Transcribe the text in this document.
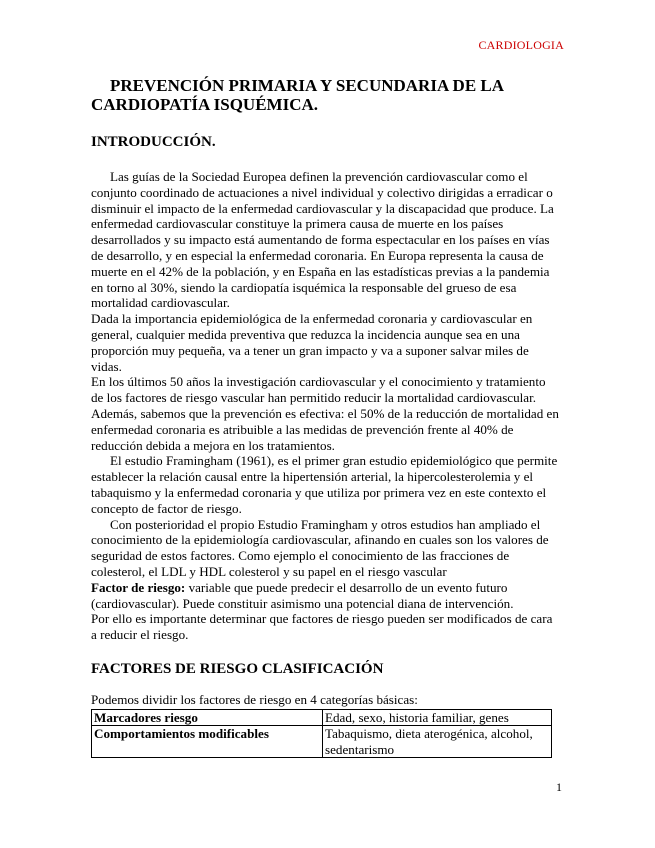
CARDIOLOGIA
PREVENCIÓN PRIMARIA Y SECUNDARIA DE LA CARDIOPATÍA ISQUÉMICA.
INTRODUCCIÓN.

Las guías de la Sociedad Europea definen la prevención cardiovascular como el conjunto coordinado de actuaciones a nivel individual y colectivo dirigidas a erradicar o disminuir el impacto de la enfermedad cardiovascular y la discapacidad que produce. La enfermedad cardiovascular constituye la primera causa de muerte en los países desarrollados y su impacto está aumentando de forma espectacular en los países en vías de desarrollo, y en especial la enfermedad coronaria. En Europa representa la causa de muerte en el 42% de la población, y en España en las estadísticas previas a la pandemia en torno al 30%, siendo la cardiopatía isquémica la responsable del grueso de esa mortalidad cardiovascular.

Dada la importancia epidemiológica de la enfermedad coronaria y cardiovascular en general, cualquier medida preventiva que reduzca la incidencia aunque sea en una proporción muy pequeña, va a tener un gran impacto y va a suponer salvar miles de vidas.

En los últimos 50 años la investigación cardiovascular y el conocimiento y tratamiento de los factores de riesgo vascular han permitido reducir la mortalidad cardiovascular. Además, sabemos que la prevención es efectiva: el 50% de la reducción de mortalidad en enfermedad coronaria es atribuible a las medidas de prevención frente al 40% de reducción debida a mejora en los tratamientos.

El estudio Framingham (1961), es el primer gran estudio epidemiológico que permite establecer la relación causal entre la hipertensión arterial, la hipercolesterolemia y el tabaquismo y la enfermedad coronaria y que utiliza por primera vez en este contexto el concepto de factor de riesgo.

Con posterioridad el propio Estudio Framingham y otros estudios han ampliado el conocimiento de la epidemiología cardiovascular, afinando en cuales son los valores de seguridad de estos factores. Como ejemplo el conocimiento de las fracciones de colesterol, el LDL y HDL colesterol y su papel en el riesgo vascular

Factor de riesgo: variable que puede predecir el desarrollo de un evento futuro (cardiovascular). Puede constituir asimismo una potencial diana de intervención.

Por ello es importante determinar que factores de riesgo pueden ser modificados de cara a reducir el riesgo.

FACTORES DE RIESGO CLASIFICACIÓN
Podemos dividir los factores de riesgo en 4 categorías básicas:
Marcadores riesgo	Edad, sexo, historia familiar, genes
Comportamientos modificables	Tabaquismo, dieta aterogénica, alcohol, sedentarismo
1
